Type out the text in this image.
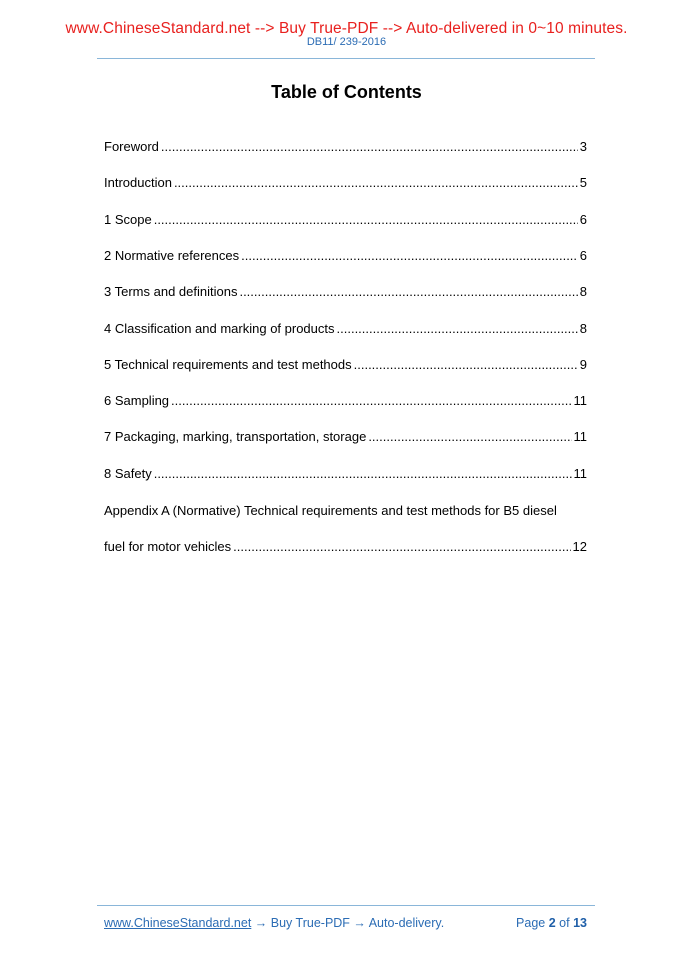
www.ChineseStandard.net --> Buy True-PDF --> Auto-delivered in 0~10 minutes.
DB11/ 239-2016
Table of Contents
Appendix A (Normative) Technical requirements and test methods for B5 diesel
fuel for motor vehicles .....	12
www.ChineseStandard.net → Buy True-PDF → Auto-delivery.	Page 2 of 13
Foreword .....	3
Introduction .....	5
1 Scope .....	6
2 Normative references .....	6
3 Terms and definitions .....	8
4 Classification and marking of products .....	8
5 Technical requirements and test methods .....	9
6 Sampling .....	11
7 Packaging, marking, transportation, storage .....	11
8 Safety .....	11
